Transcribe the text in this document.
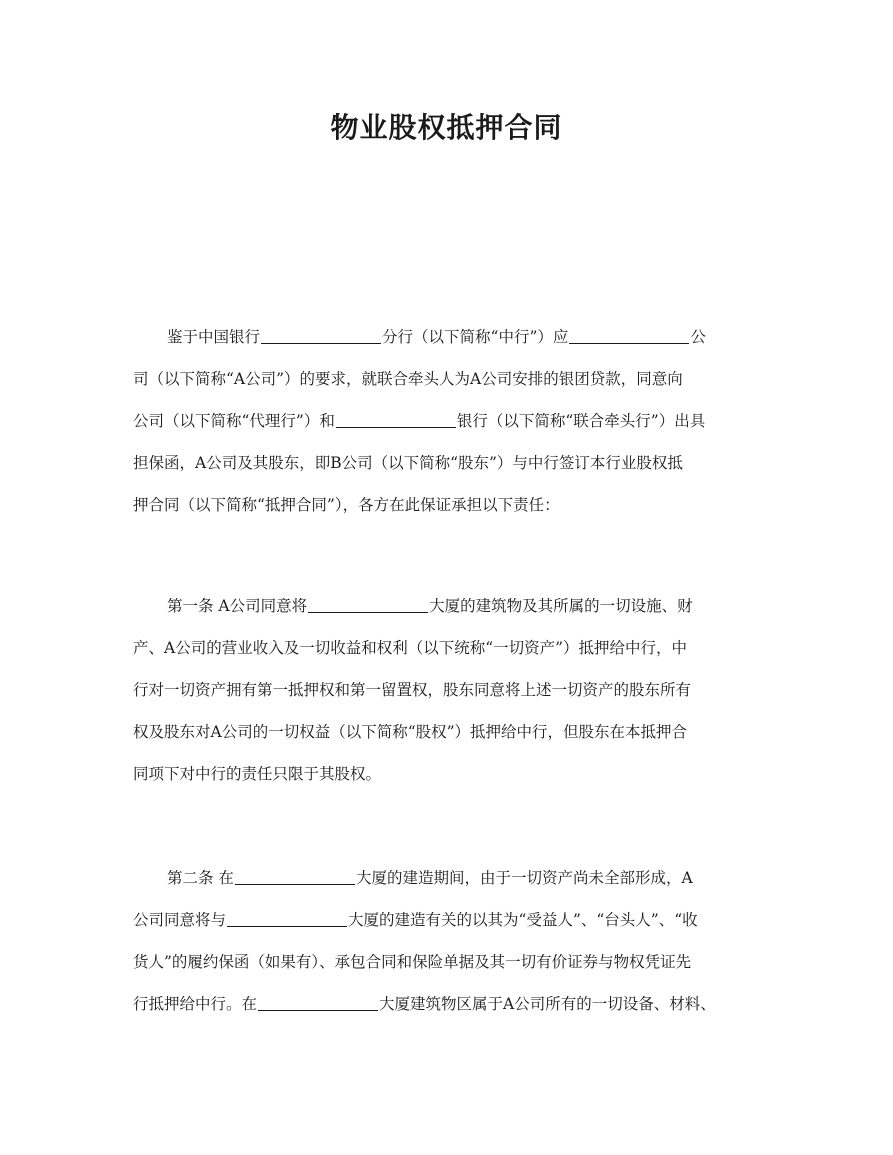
物业股权抵押合同
鉴于中国银行	分行（以下简称“中行”）应	公
司（以下简称“A公司”）的要求，就联合牵头人为A公司安排的银团贷款，同意向
公司（以下简称“代理行”）和	银行（以下简称“联合牵头行”）出具
担保函，A公司及其股东，即B公司（以下简称“股东”）与中行签订本行业股权抵
押合同（以下简称“抵押合同”），各方在此保证承担以下责任：
第一条 A公司同意将	大厦的建筑物及其所属的一切设施、财
产、A公司的营业收入及一切收益和权利（以下统称“一切资产”）抵押给中行，中
行对一切资产拥有第一抵押权和第一留置权，股东同意将上述一切资产的股东所有
权及股东对A公司的一切权益（以下简称“股权”）抵押给中行，但股东在本抵押合
同项下对中行的责任只限于其股权。
第二条 在	大厦的建造期间，由于一切资产尚未全部形成，A
公司同意将与	大厦的建造有关的以其为“受益人”、“台头人”、“收
货人”的履约保函（如果有）、承包合同和保险单据及其一切有价证券与物权凭证先
行抵押给中行。在	大厦建筑物区属于A公司所有的一切设备、材料、
